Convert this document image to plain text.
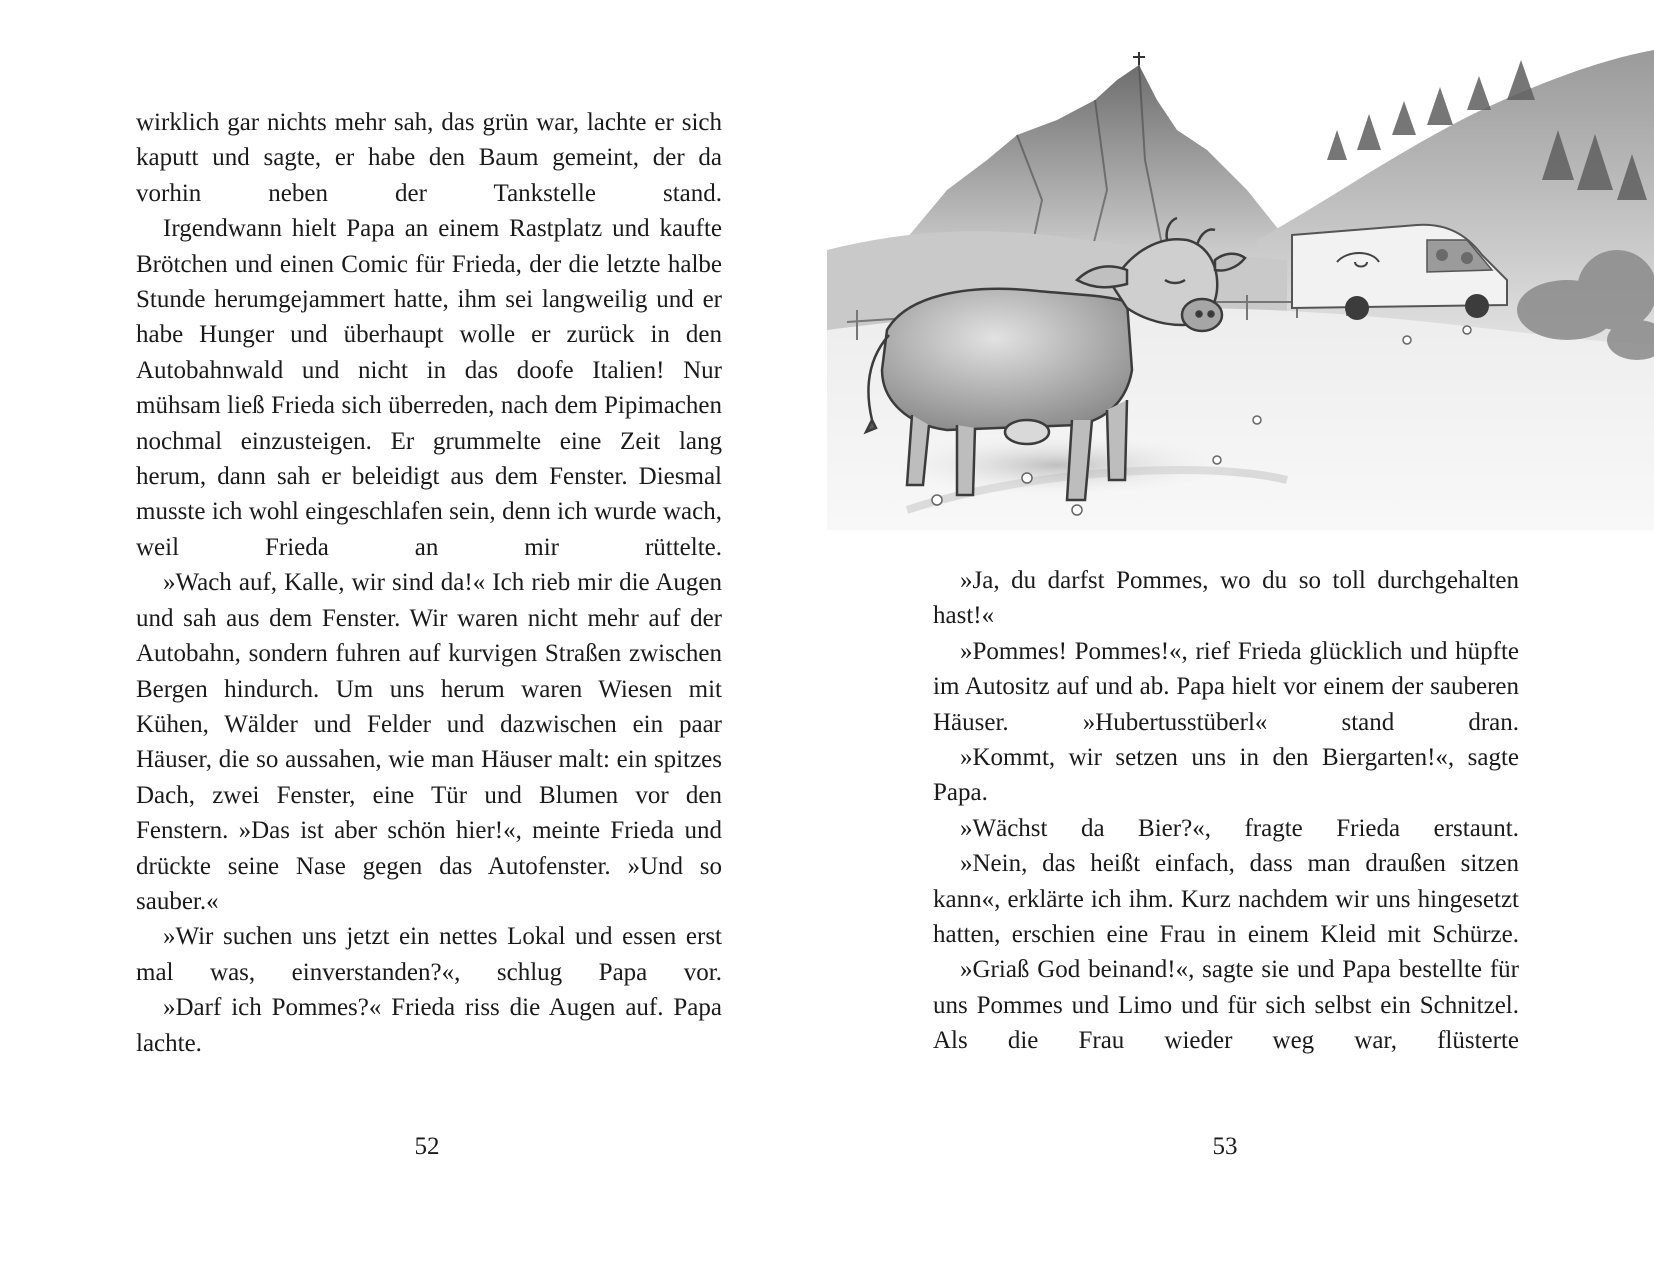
wirklich gar nichts mehr sah, das grün war, lachte er sich kaputt und sagte, er habe den Baum gemeint, der da vorhin neben der Tankstelle stand.

Irgendwann hielt Papa an einem Rastplatz und kaufte Brötchen und einen Comic für Frieda, der die letzte halbe Stunde herumgejammert hatte, ihm sei langweilig und er habe Hunger und überhaupt wolle er zurück in den Autobahnwald und nicht in das doofe Italien! Nur mühsam ließ Frieda sich überreden, nach dem Pipimachen nochmal einzusteigen. Er grummelte eine Zeit lang herum, dann sah er beleidigt aus dem Fenster. Diesmal musste ich wohl eingeschlafen sein, denn ich wurde wach, weil Frieda an mir rüttelte.

»Wach auf, Kalle, wir sind da!« Ich rieb mir die Augen und sah aus dem Fenster. Wir waren nicht mehr auf der Autobahn, sondern fuhren auf kurvigen Straßen zwischen Bergen hindurch. Um uns herum waren Wiesen mit Kühen, Wälder und Felder und dazwischen ein paar Häuser, die so aussahen, wie man Häuser malt: ein spitzes Dach, zwei Fenster, eine Tür und Blumen vor den Fenstern. »Das ist aber schön hier!«, meinte Frieda und drückte seine Nase gegen das Autofenster. »Und so sauber.«

»Wir suchen uns jetzt ein nettes Lokal und essen erst mal was, einverstanden?«, schlug Papa vor.

»Darf ich Pommes?« Frieda riss die Augen auf. Papa lachte.

52

»Ja, du darfst Pommes, wo du so toll durchgehalten hast!«

»Pommes! Pommes!«, rief Frieda glücklich und hüpfte im Autositz auf und ab. Papa hielt vor einem der sauberen Häuser. »Hubertusstüberl« stand dran.

»Kommt, wir setzen uns in den Biergarten!«, sagte Papa.

»Wächst da Bier?«, fragte Frieda erstaunt.

»Nein, das heißt einfach, dass man draußen sitzen kann«, erklärte ich ihm. Kurz nachdem wir uns hingesetzt hatten, erschien eine Frau in einem Kleid mit Schürze.

»Griaß God beinand!«, sagte sie und Papa bestellte für uns Pommes und Limo und für sich selbst ein Schnitzel. Als die Frau wieder weg war, flüsterte

53
